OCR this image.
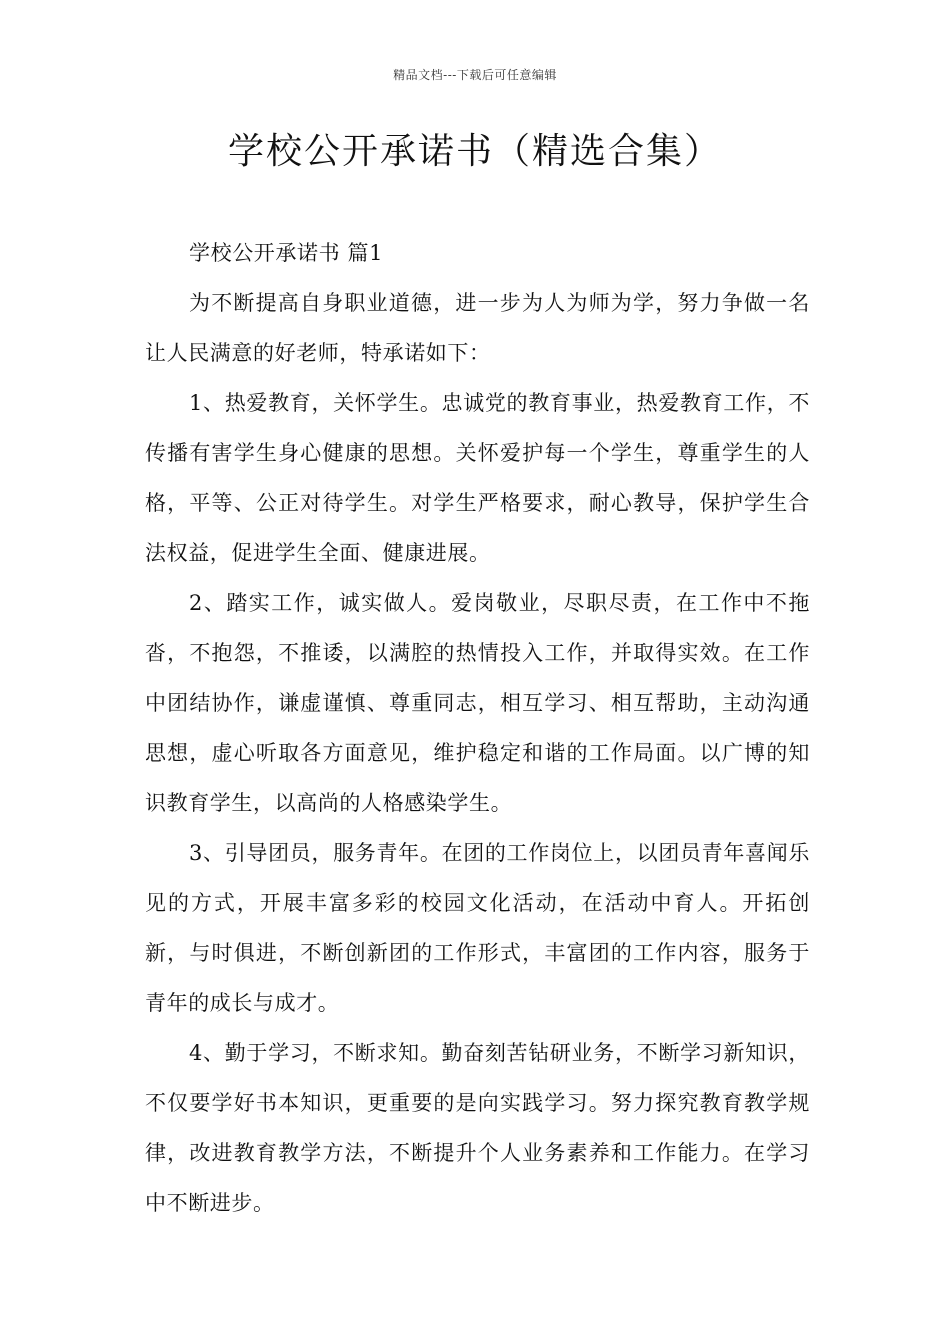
精品文档---下载后可任意编辑
学校公开承诺书（精选合集）

学校公开承诺书 篇1

为不断提高自身职业道德，进一步为人为师为学，努力争做一名让人民满意的好老师，特承诺如下：

1、热爱教育，关怀学生。忠诚党的教育事业，热爱教育工作，不传播有害学生身心健康的思想。关怀爱护每一个学生，尊重学生的人格，平等、公正对待学生。对学生严格要求，耐心教导，保护学生合法权益，促进学生全面、健康进展。

2、踏实工作，诚实做人。爱岗敬业，尽职尽责，在工作中不拖沓，不抱怨，不推诿，以满腔的热情投入工作，并取得实效。在工作中团结协作，谦虚谨慎、尊重同志，相互学习、相互帮助，主动沟通思想，虚心听取各方面意见，维护稳定和谐的工作局面。以广博的知识教育学生，以高尚的人格感染学生。

3、引导团员，服务青年。在团的工作岗位上，以团员青年喜闻乐见的方式，开展丰富多彩的校园文化活动，在活动中育人。开拓创新，与时俱进，不断创新团的工作形式，丰富团的工作内容，服务于青年的成长与成才。

4、勤于学习，不断求知。勤奋刻苦钻研业务，不断学习新知识，不仅要学好书本知识，更重要的是向实践学习。努力探究教育教学规律，改进教育教学方法，不断提升个人业务素养和工作能力。在学习中不断进步。
